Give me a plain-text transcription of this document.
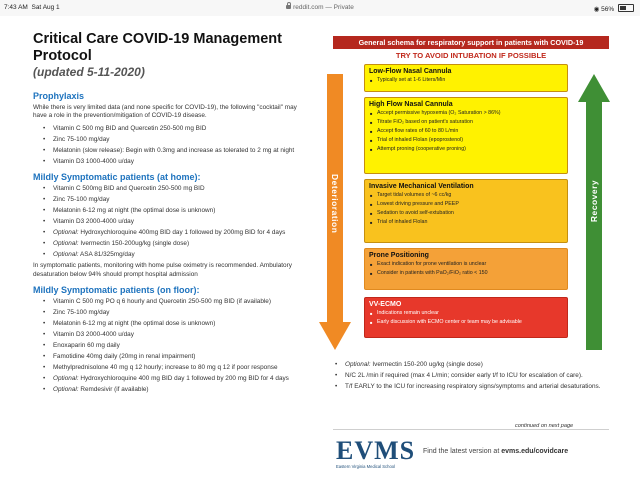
7:43 AM Sat Aug 1	reddit.com — Private	◉ 56%
Critical Care COVID-19 Management Protocol
(updated 5-11-2020)
Prophylaxis
While there is very limited data (and none specific for COVID-19), the following "cocktail" may have a role in the prevention/mitigation of COVID-19 disease.
• Vitamin C 500 mg BID and Quercetin 250-500 mg BID
• Zinc 75-100 mg/day
• Melatonin (slow release): Begin with 0.3mg and increase as tolerated to 2 mg at night
• Vitamin D3 1000-4000 u/day
Mildly Symptomatic patients (at home):
• Vitamin C 500mg BID and Quercetin 250-500 mg BID
• Zinc 75-100 mg/day
• Melatonin 6-12 mg at night (the optimal dose is unknown)
• Vitamin D3 2000-4000 u/day
• Optional: Hydroxychloroquine 400mg BID day 1 followed by 200mg BID for 4 days
• Optional: Ivermectin 150-200ug/kg (single dose)
• Optional: ASA 81/325mg/day
In symptomatic patients, monitoring with home pulse oximetry is recommended. Ambulatory desaturation below 94% should prompt hospital admission
Mildly Symptomatic patients (on floor):
• Vitamin C 500 mg PO q 6 hourly and Quercetin 250-500 mg BID (if available)
• Zinc 75-100 mg/day
• Melatonin 6-12 mg at night (the optimal dose is unknown)
• Vitamin D3 2000-4000 u/day
• Enoxaparin 60 mg daily
• Famotidine 40mg daily (20mg in renal impairment)
• Methylprednisolone 40 mg q 12 hourly; increase to 80 mg q 12 if poor response
• Optional: Hydroxychloroquine 400 mg BID day 1 followed by 200 mg BID for 4 days
• Optional: Remdesivir (if available)
General schema for respiratory support in patients with COVID-19
TRY TO AVOID INTUBATION IF POSSIBLE
Deterioration	Recovery
Low-Flow Nasal Cannula
■ Typically set at 1-6 Liters/Min
High Flow Nasal Cannula
■ Accept permissive hypoxemia (O₂ Saturation > 86%)
■ Titrate FiO₂ based on patient's saturation
■ Accept flow rates of 60 to 80 L/min
■ Trial of inhaled Flolan (epoprostenol)
■ Attempt proning (cooperative proning)
Invasive Mechanical Ventilation
■ Target tidal volumes of ~6 cc/kg
■ Lowest driving pressure and PEEP
■ Sedation to avoid self-extubation
■ Trial of inhaled Flolan
Prone Positioning
■ Exact indication for prone ventilation is unclear
■ Consider in patients with PaO₂/FiO₂ ratio < 150
VV-ECMO
■ Indications remain unclear
■ Early discussion with ECMO center or team may be advisable
• Optional: Ivermectin 150-200 ug/kg (single dose)
• N/C 2L /min if required (max 4 L/min; consider early t/f to ICU for escalation of care).
• T/f EARLY to the ICU for increasing respiratory signs/symptoms and arterial desaturations.
continued on next page
EVMS
Eastern Virginia Medical School
Find the latest version at evms.edu/covidcare
